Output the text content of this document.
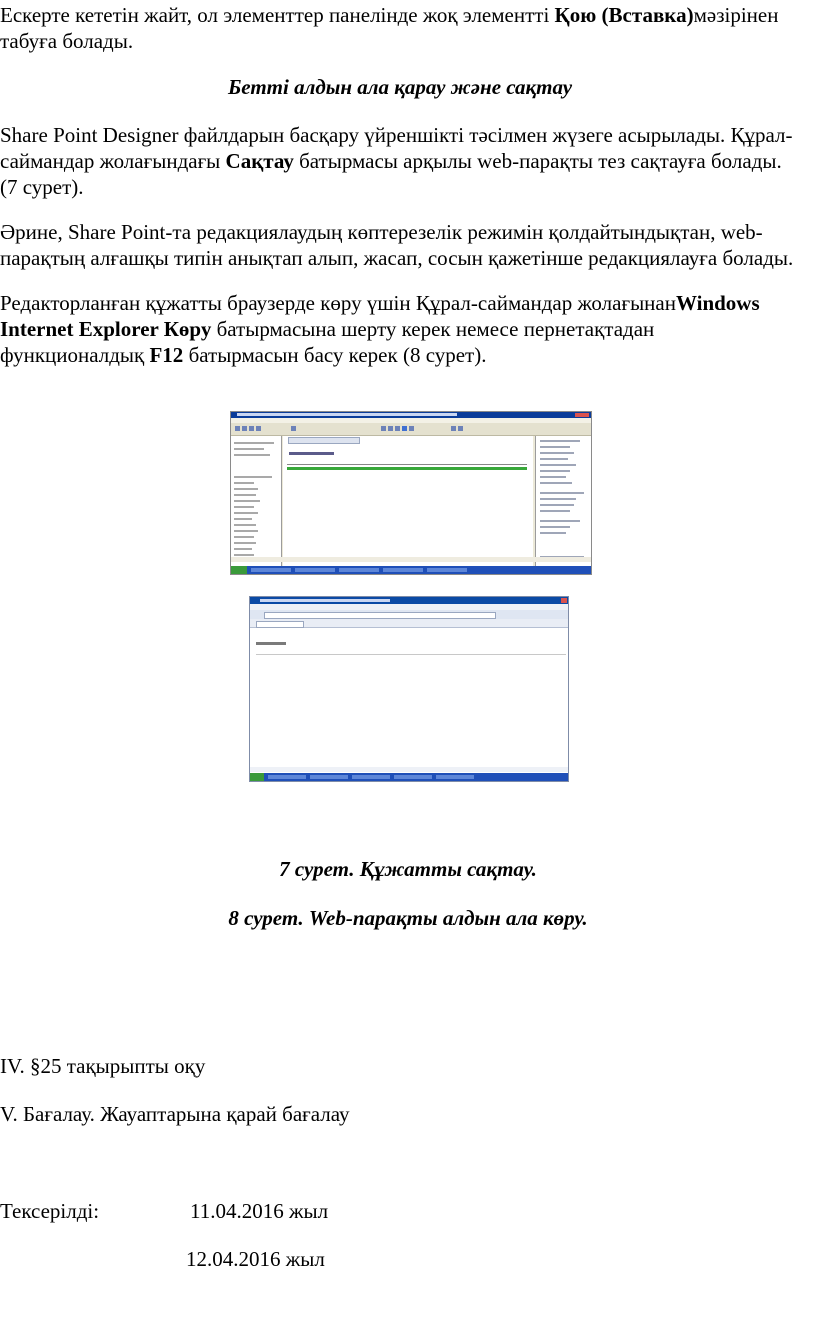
Ескерте кететін жайт, ол элементтер панелінде жоқ элементті Қою (Вставка)мәзірінен табуға болады.

Бетті алдын ала қарау және сақтау

Share Point Designer файлдарын басқару үйреншікті тәсілмен жүзеге асырылады. Құрал-саймандар жолағындағы Сақтау батырмасы арқылы web-парақты тез сақтауға болады. (7 сурет).

Әрине, Share Point-та редакциялаудың көптерезелік режимін қолдайтындықтан, web-парақтың алғашқы типін анықтап алып, жасап, сосын қажетінше редакциялауға болады.

Редакторланған құжатты браузерде көру үшін Құрал-саймандар жолағынанWindows Internet Explorer Көру батырмасына шерту керек немесе пернетақтадан функционалдық F12 батырмасын басу керек (8 сурет).

7 сурет. Құжатты сақтау.

8 сурет. Web-парақты алдын ала көру.

IV. §25 тақырыпты оқу

V. Бағалау. Жауаптарына қарай бағалау

Тексерілді:	11.04.2016 жыл

12.04.2016 жыл
